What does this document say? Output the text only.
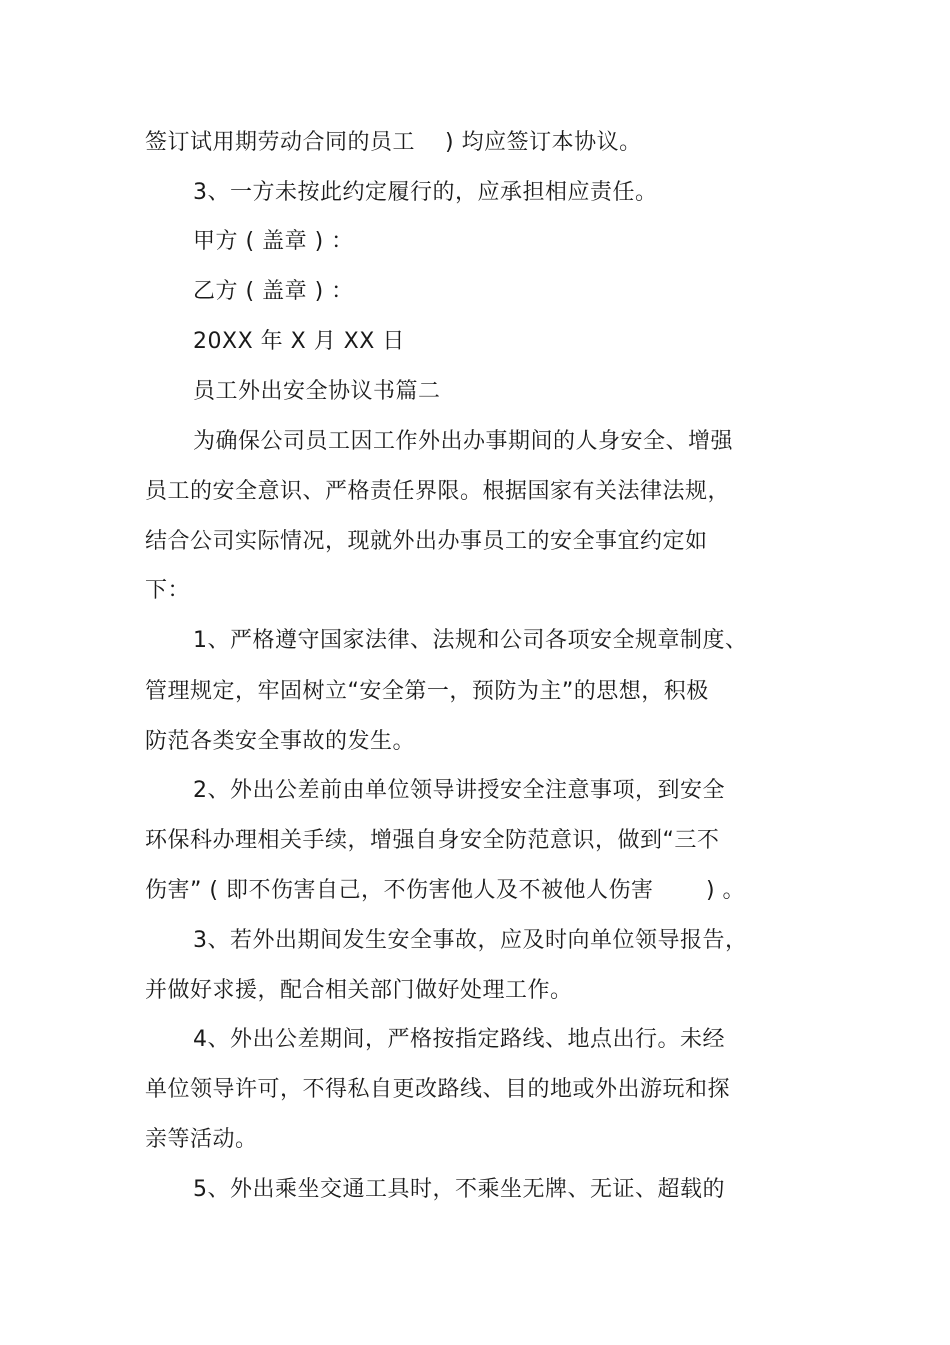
签订试用期劳动合同的员工　 ) 均应签订本协议。
3、一方未按此约定履行的，应承担相应责任。
甲方 ( 盖章 ) ：
乙方 ( 盖章 ) ：
20XX 年 X 月 XX 日
员工外出安全协议书篇二
为确保公司员工因工作外出办事期间的人身安全、增强
员工的安全意识、严格责任界限。根据国家有关法律法规，
结合公司实际情况，现就外出办事员工的安全事宜约定如
下：
1、严格遵守国家法律、法规和公司各项安全规章制度、
管理规定，牢固树立“安全第一，预防为主”的思想，积极
防范各类安全事故的发生。
2、外出公差前由单位领导讲授安全注意事项，到安全
环保科办理相关手续，增强自身安全防范意识，做到“三不
伤害” ( 即不伤害自己，不伤害他人及不被他人伤害　　 ) 。
3、若外出期间发生安全事故，应及时向单位领导报告，
并做好求援，配合相关部门做好处理工作。
4、外出公差期间，严格按指定路线、地点出行。未经
单位领导许可，不得私自更改路线、目的地或外出游玩和探
亲等活动。
5、外出乘坐交通工具时，不乘坐无牌、无证、超载的
